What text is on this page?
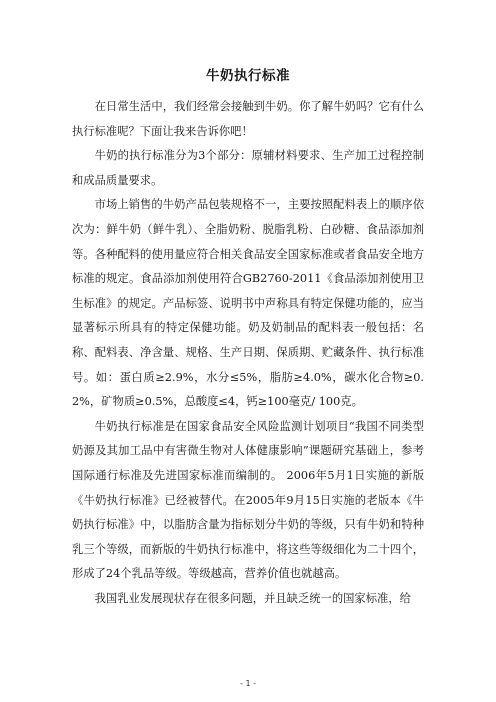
牛奶执行标准

在日常生活中，我们经常会接触到牛奶。你了解牛奶吗？它有什么执行标准呢？下面让我来告诉你吧！

牛奶的执行标准分为3个部分：原辅材料要求、生产加工过程控制和成品质量要求。

市场上销售的牛奶产品包装规格不一，主要按照配料表上的顺序依次为：鲜牛奶（鲜牛乳）、全脂奶粉、脱脂乳粉、白砂糖、食品添加剂等。各种配料的使用量应符合相关食品安全国家标准或者食品安全地方标准的规定。食品添加剂使用符合GB2760-2011《食品添加剂使用卫生标准》的规定。产品标签、说明书中声称具有特定保健功能的，应当显著标示所具有的特定保健功能。奶及奶制品的配料表一般包括：名称、配料表、净含量、规格、生产日期、保质期、贮藏条件、执行标准号。如：蛋白质≥2.9%，水分≤5%，脂肪≥4.0%，碳水化合物≥0.2%，矿物质≥0.5%，总酸度≤4，钙≥100毫克/ 100克。

牛奶执行标准是在国家食品安全风险监测计划项目“我国不同类型奶源及其加工品中有害微生物对人体健康影响”课题研究基础上，参考国际通行标准及先进国家标准而编制的。 2006年5月1日实施的新版《牛奶执行标准》已经被替代。在2005年9月15日实施的老版本《牛奶执行标准》中，以脂肪含量为指标划分牛奶的等级，只有牛奶和特种乳三个等级，而新版的牛奶执行标准中，将这些等级细化为二十四个，形成了24个乳品等级。等级越高，营养价值也就越高。

我国乳业发展现状存在很多问题，并且缺乏统一的国家标准，给

- 1 -
